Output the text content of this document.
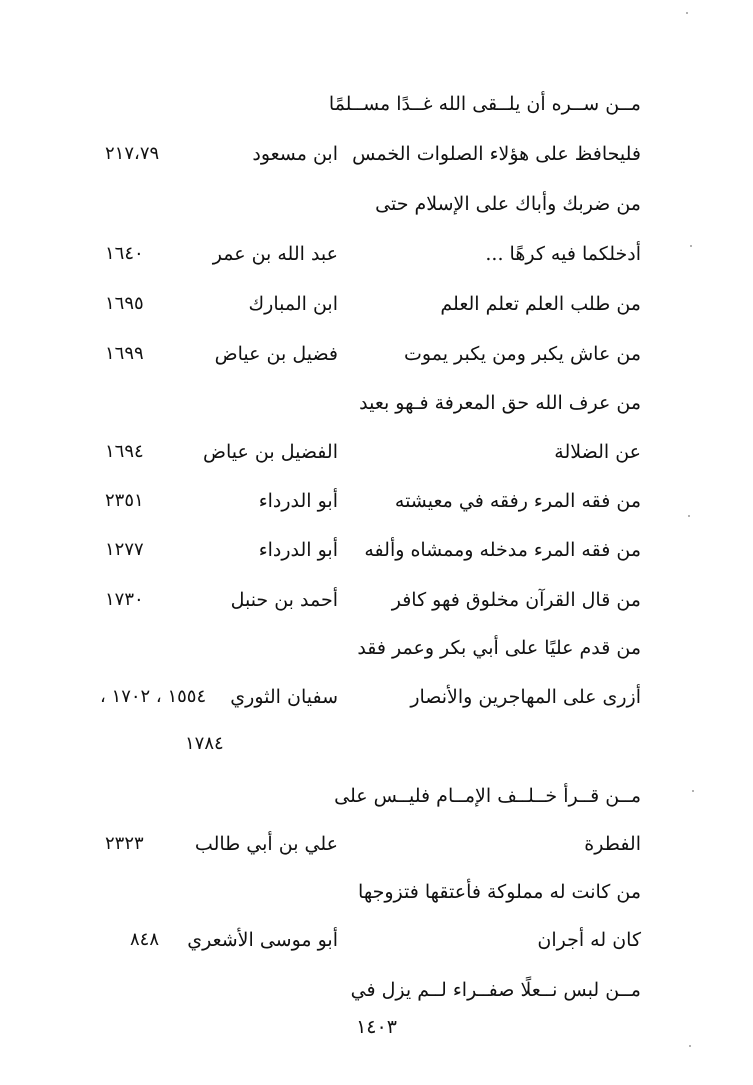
مــن ســره أن يلــقى الله غــدًا مســلمًا
فليحافظ على هؤلاء الصلوات الخمس
ابن مسعود
٢١٧،٧٩
من ضربك وأباك على الإسلام حتى
أدخلكما فيه كرهًا ...
عبد الله بن عمر
١٦٤٠
من طلب العلم تعلم العلم
ابن المبارك
١٦٩٥
من عاش يكبر ومن يكبر يموت
فضيل بن عياض
١٦٩٩
من عرف الله حق المعرفة فـهو بعيد
عن الضلالة
الفضيل بن عياض
١٦٩٤
من فقه المرء رفقه في معيشته
أبو الدرداء
٢٣٥١
من فقه المرء مدخله وممشاه وألفه
أبو الدرداء
١٢٧٧
من قال القرآن مخلوق فهو كافر
أحمد بن حنبل
١٧٣٠
من قدم عليًا على أبي بكر وعمر فقد
أزرى على المهاجرين والأنصار
سفيان الثوري
١٥٥٤ ، ١٧٠٢ ،
١٧٨٤
مــن قــرأ خــلــف الإمــام فليــس على
الفطرة
علي بن أبي طالب
٢٣٢٣
من كانت له مملوكة فأعتقها فتزوجها
كان له أجران
أبو موسى الأشعري
٨٤٨
مــن لبس نــعلًا صفــراء لــم يزل في
١٤٠٣
